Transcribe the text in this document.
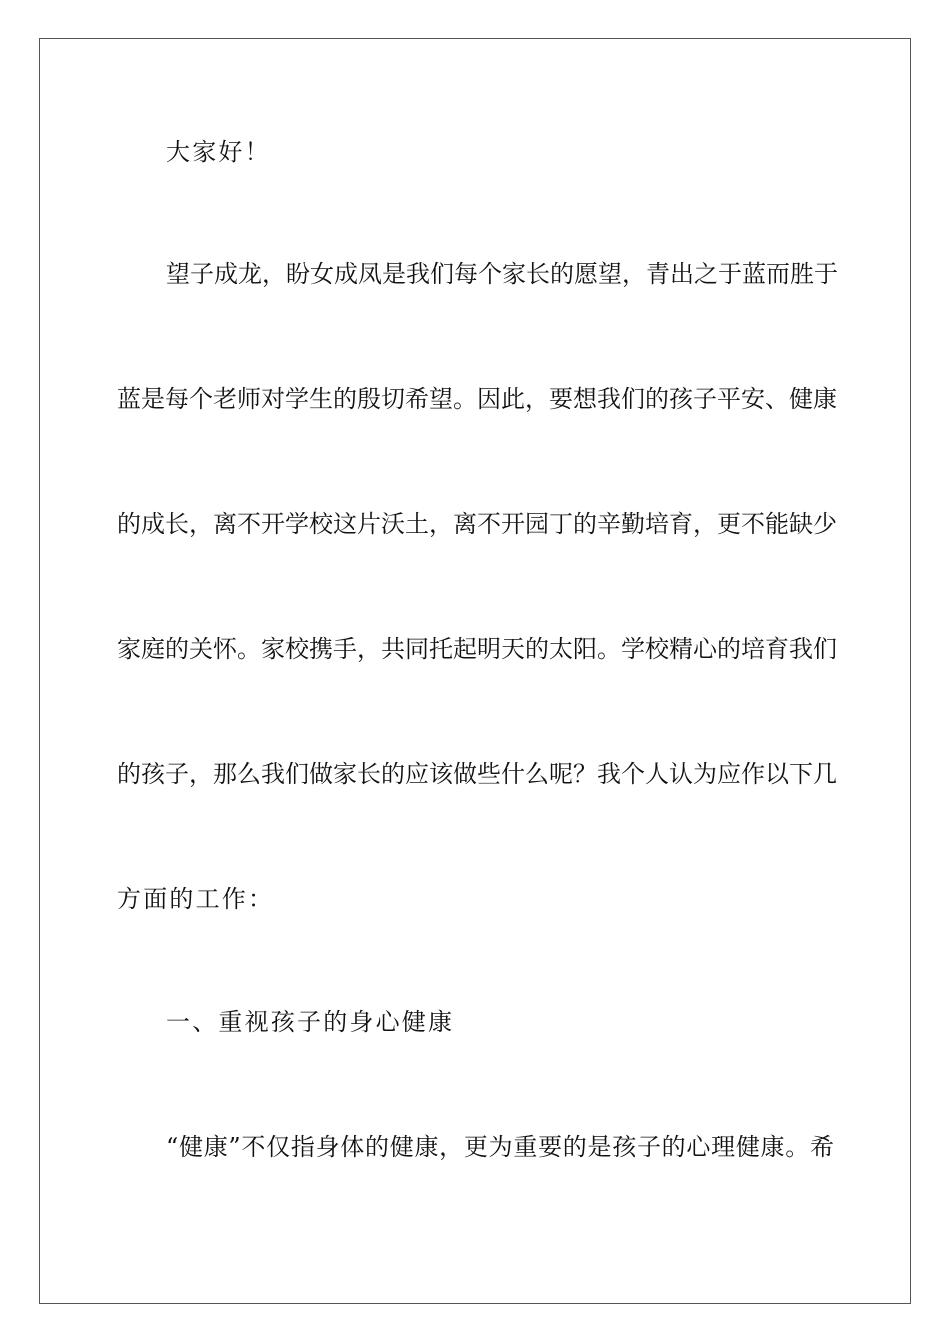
大家好！
望子成龙，盼女成凤是我们每个家长的愿望，青出之于蓝而胜于
蓝是每个老师对学生的殷切希望。因此，要想我们的孩子平安、健康
的成长，离不开学校这片沃土，离不开园丁的辛勤培育，更不能缺少
家庭的关怀。家校携手，共同托起明天的太阳。学校精心的培育我们
的孩子，那么我们做家长的应该做些什么呢？我个人认为应作以下几
方面的工作：
一、重视孩子的身心健康
“健康”不仅指身体的健康，更为重要的是孩子的心理健康。希
